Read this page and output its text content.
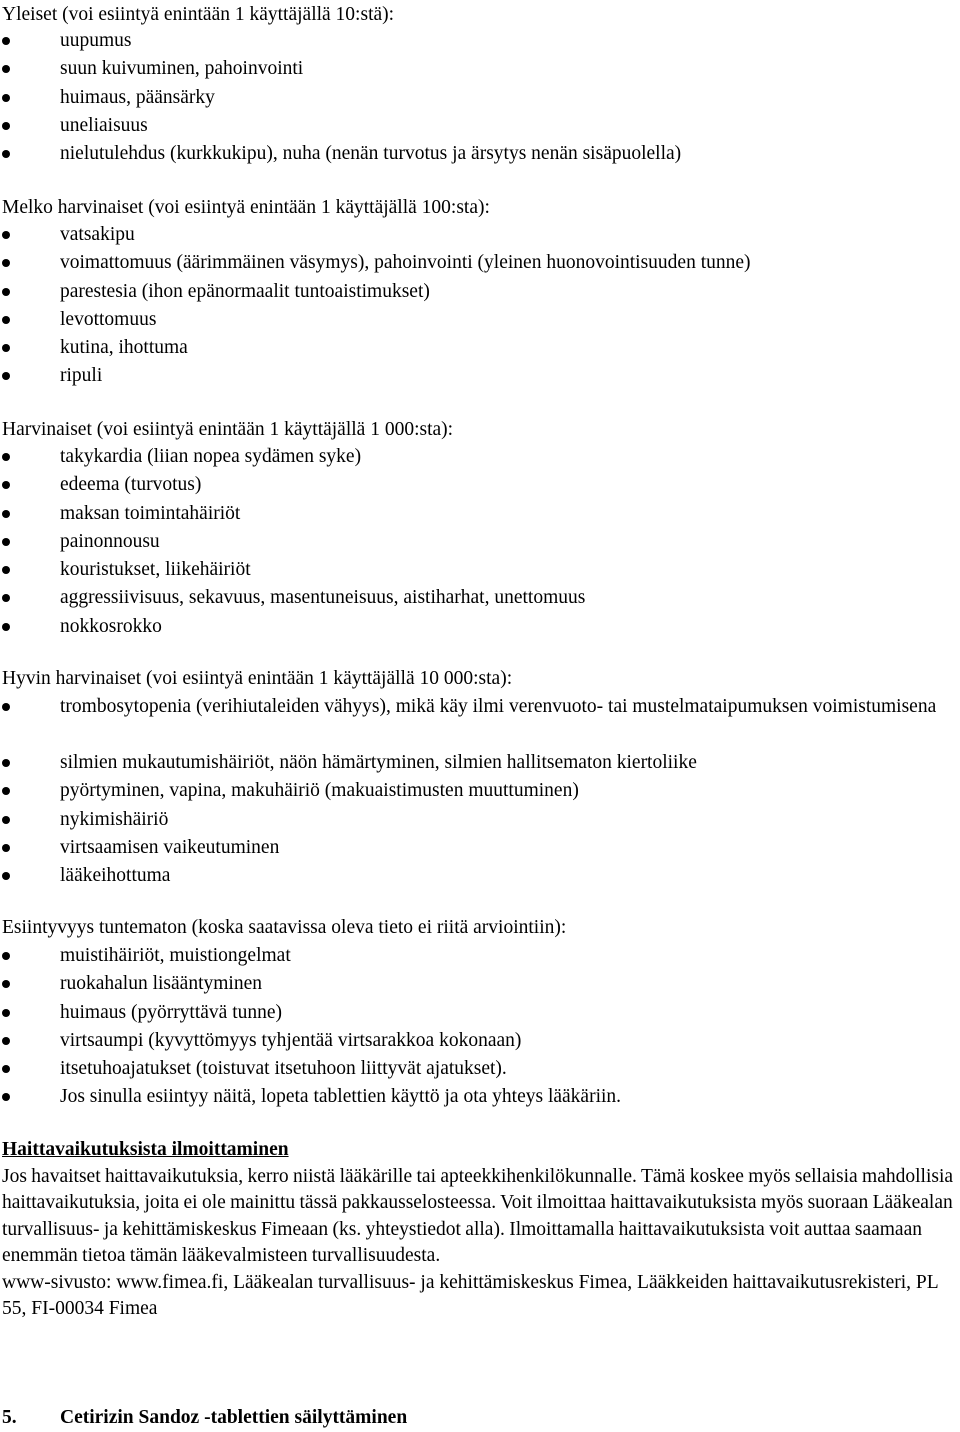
Yleiset (voi esiintyä enintään 1 käyttäjällä 10:stä):
uupumus
suun kuivuminen, pahoinvointi
huimaus, päänsärky
uneliaisuus
nielutulehdus (kurkkukipu), nuha (nenän turvotus ja ärsytys nenän sisäpuolella)
Melko harvinaiset (voi esiintyä enintään 1 käyttäjällä 100:sta):
vatsakipu
voimattomuus (äärimmäinen väsymys), pahoinvointi (yleinen huonovointisuuden tunne)
parestesia (ihon epänormaalit tuntoaistimukset)
levottomuus
kutina, ihottuma
ripuli
Harvinaiset (voi esiintyä enintään 1 käyttäjällä 1 000:sta):
takykardia (liian nopea sydämen syke)
edeema (turvotus)
maksan toimintahäiriöt
painonnousu
kouristukset, liikehäiriöt
aggressiivisuus, sekavuus, masentuneisuus, aistiharhat, unettomuus
nokkosrokko
Hyvin harvinaiset (voi esiintyä enintään 1 käyttäjällä 10 000:sta):
trombosytopenia (verihiutaleiden vähyys), mikä käy ilmi verenvuoto- tai mustelmataipumuksen voimistumisena
silmien mukautumishäiriöt, näön hämärtyminen, silmien hallitsematon kiertoliike
pyörtyminen, vapina, makuhäiriö (makuaistimusten muuttuminen)
nykimishäiriö
virtsaamisen vaikeutuminen
lääkeihottuma
Esiintyvyys tuntematon (koska saatavissa oleva tieto ei riitä arviointiin):
muistihäiriöt, muistiongelmat
ruokahalun lisääntyminen
huimaus (pyörryttävä tunne)
virtsaumpi (kyvyttömyys tyhjentää virtsarakkoa kokonaan)
itsetuhoajatukset (toistuvat itsetuhoon liittyvät ajatukset).
Jos sinulla esiintyy näitä, lopeta tablettien käyttö ja ota yhteys lääkäriin.
Haittavaikutuksista ilmoittaminen
Jos havaitset haittavaikutuksia, kerro niistä lääkärille tai apteekkihenkilökunnalle. Tämä koskee myös sellaisia mahdollisia haittavaikutuksia, joita ei ole mainittu tässä pakkausselosteessa. Voit ilmoittaa haittavaikutuksista myös suoraan Lääkealan turvallisuus- ja kehittämiskeskus Fimeaan (ks. yhteystiedot alla). Ilmoittamalla haittavaikutuksista voit auttaa saamaan enemmän tietoa tämän lääkevalmisteen turvallisuudesta.
www-sivusto: www.fimea.fi, Lääkealan turvallisuus- ja kehittämiskeskus Fimea, Lääkkeiden haittavaikutusrekisteri, PL 55, FI-00034 Fimea
5. Cetirizin Sandoz -tablettien säilyttäminen
